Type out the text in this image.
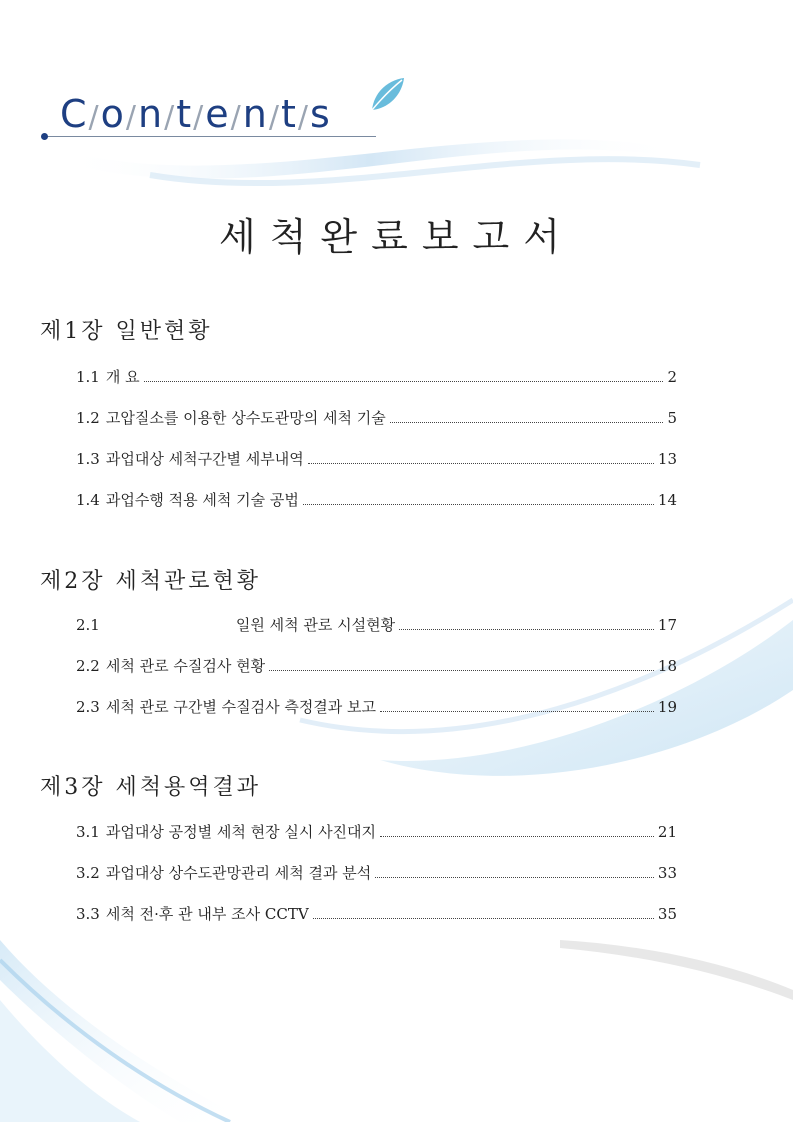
C/o/n/t/e/n/t/s
세척완료보고서
제1장 일반현황
1.1 개 요	2
1.2 고압질소를 이용한 상수도관망의 세척 기술	5
1.3 과업대상 세척구간별 세부내역	13
1.4 과업수행 적용 세척 기술 공법	14
제2장 세척관로현황
2.1	일원 세척 관로 시설현황	17
2.2 세척 관로 수질검사 현황	18
2.3 세척 관로 구간별 수질검사 측정결과 보고	19
제3장 세척용역결과
3.1 과업대상 공정별 세척 현장 실시 사진대지	21
3.2 과업대상 상수도관망관리 세척 결과 분석	33
3.3 세척 전·후 관 내부 조사 CCTV	35
